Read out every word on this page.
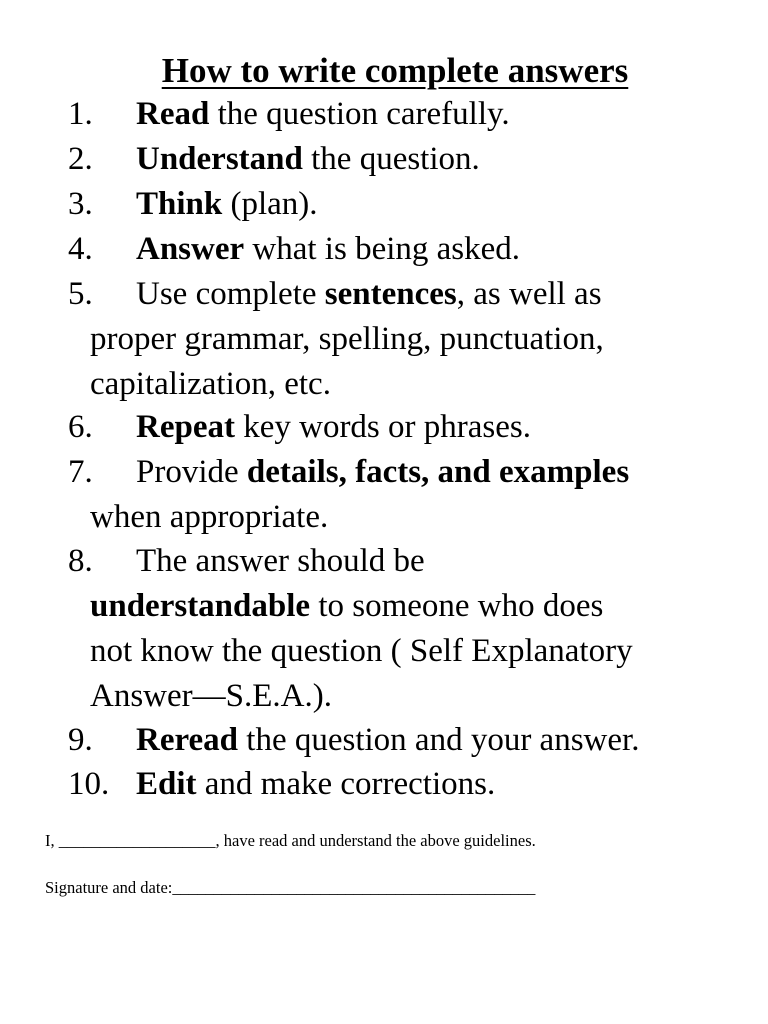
How to write complete answers
1. Read the question carefully.
2. Understand the question.
3. Think (plan).
4. Answer what is being asked.
5. Use complete sentences, as well as
proper grammar, spelling, punctuation,
capitalization, etc.
6. Repeat key words or phrases.
7. Provide details, facts, and examples
when appropriate.
8. The answer should be
understandable to someone who does
not know the question ( Self Explanatory
Answer—S.E.A.).
9. Reread the question and your answer.
10. Edit and make corrections.
I, ___________________, have read and understand the above guidelines.
Signature and date:____________________________________________
